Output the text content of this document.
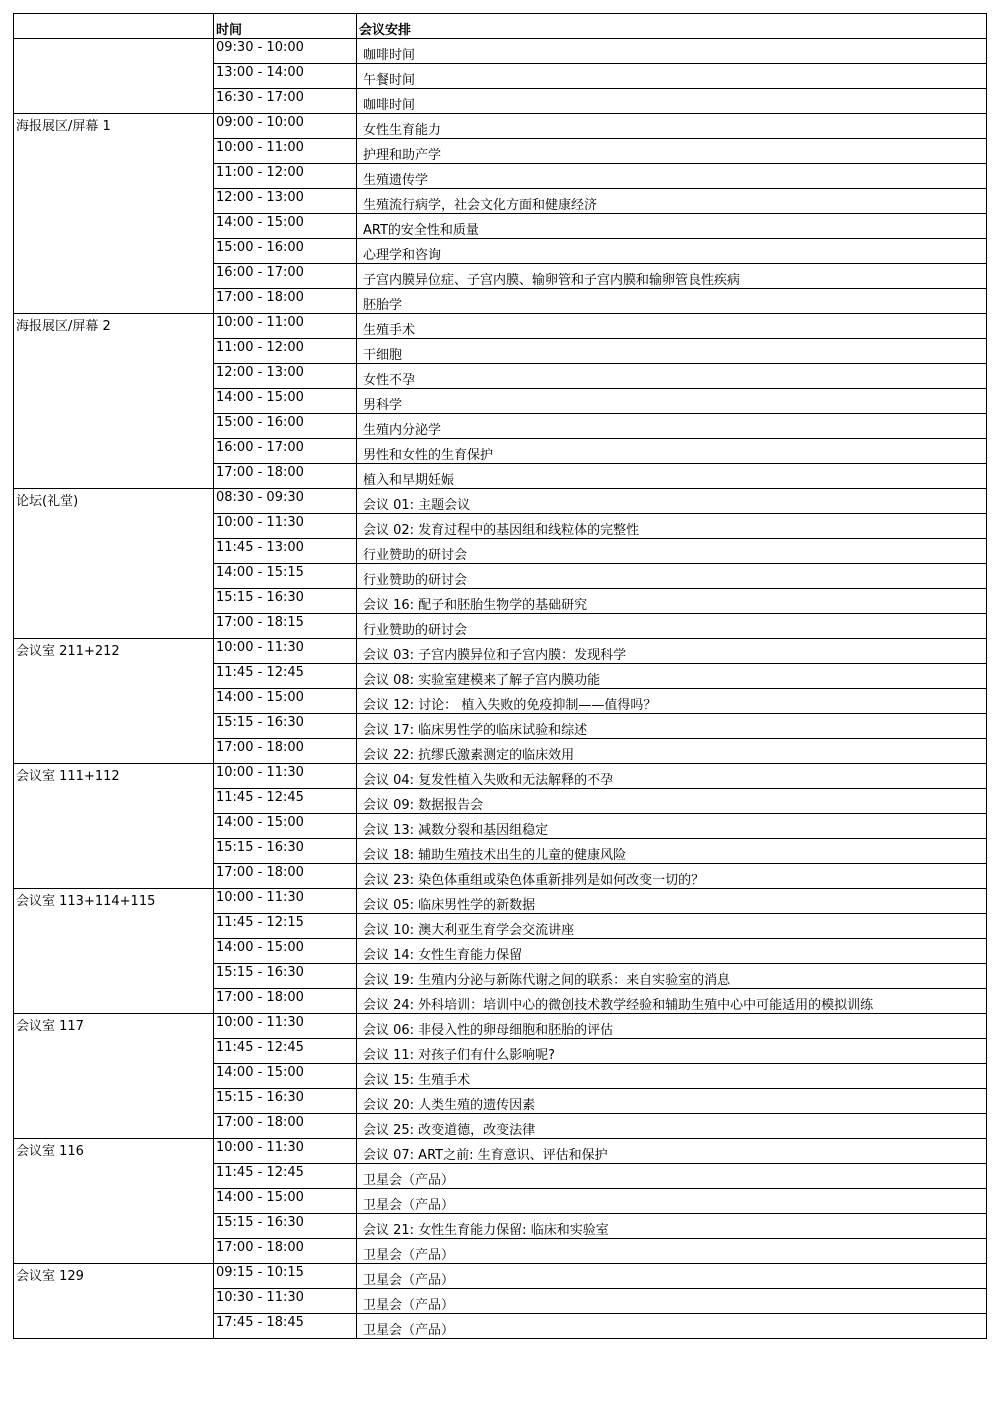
	时间	会议安排
	09:30 - 10:00	咖啡时间
	13:00 - 14:00	午餐时间
	16:30 - 17:00	咖啡时间
海报展区/屏幕 1	09:00 - 10:00	女性生育能力
	10:00 - 11:00	护理和助产学
	11:00 - 12:00	生殖遗传学
	12:00 - 13:00	生殖流行病学，社会文化方面和健康经济
	14:00 - 15:00	ART的安全性和质量
	15:00 - 16:00	心理学和咨询
	16:00 - 17:00	子宫内膜异位症、子宫内膜、输卵管和子宫内膜和输卵管良性疾病
	17:00 - 18:00	胚胎学
海报展区/屏幕 2	10:00 - 11:00	生殖手术
	11:00 - 12:00	干细胞
	12:00 - 13:00	女性不孕
	14:00 - 15:00	男科学
	15:00 - 16:00	生殖内分泌学
	16:00 - 17:00	男性和女性的生育保护
	17:00 - 18:00	植入和早期妊娠
论坛(礼堂)	08:30 - 09:30	会议 01: 主题会议
	10:00 - 11:30	会议 02: 发育过程中的基因组和线粒体的完整性
	11:45 - 13:00	行业赞助的研讨会
	14:00 - 15:15	行业赞助的研讨会
	15:15 - 16:30	会议 16: 配子和胚胎生物学的基础研究
	17:00 - 18:15	行业赞助的研讨会
会议室 211+212	10:00 - 11:30	会议 03: 子宫内膜异位和子宫内膜：发现科学
	11:45 - 12:45	会议 08: 实验室建模来了解子宫内膜功能
	14:00 - 15:00	会议 12: 讨论： 植入失败的免疫抑制——值得吗？
	15:15 - 16:30	会议 17: 临床男性学的临床试验和综述
	17:00 - 18:00	会议 22: 抗缪氏激素测定的临床效用
会议室 111+112	10:00 - 11:30	会议 04: 复发性植入失败和无法解释的不孕
	11:45 - 12:45	会议 09: 数据报告会
	14:00 - 15:00	会议 13: 减数分裂和基因组稳定
	15:15 - 16:30	会议 18: 辅助生殖技术出生的儿童的健康风险
	17:00 - 18:00	会议 23: 染色体重组或染色体重新排列是如何改变一切的？
会议室 113+114+115	10:00 - 11:30	会议 05: 临床男性学的新数据
	11:45 - 12:15	会议 10: 澳大利亚生育学会交流讲座
	14:00 - 15:00	会议 14: 女性生育能力保留
	15:15 - 16:30	会议 19: 生殖内分泌与新陈代谢之间的联系：来自实验室的消息
	17:00 - 18:00	会议 24: 外科培训：培训中心的微创技术教学经验和辅助生殖中心中可能适用的模拟训练
会议室 117	10:00 - 11:30	会议 06: 非侵入性的卵母细胞和胚胎的评估
	11:45 - 12:45	会议 11: 对孩子们有什么影响呢?
	14:00 - 15:00	会议 15: 生殖手术
	15:15 - 16:30	会议 20: 人类生殖的遗传因素
	17:00 - 18:00	会议 25: 改变道德，改变法律
会议室 116	10:00 - 11:30	会议 07: ART之前: 生育意识、评估和保护
	11:45 - 12:45	卫星会（产品）
	14:00 - 15:00	卫星会（产品）
	15:15 - 16:30	会议 21: 女性生育能力保留: 临床和实验室
	17:00 - 18:00	卫星会（产品）
会议室 129	09:15 - 10:15	卫星会（产品）
	10:30 - 11:30	卫星会（产品）
	17:45 - 18:45	卫星会（产品）
